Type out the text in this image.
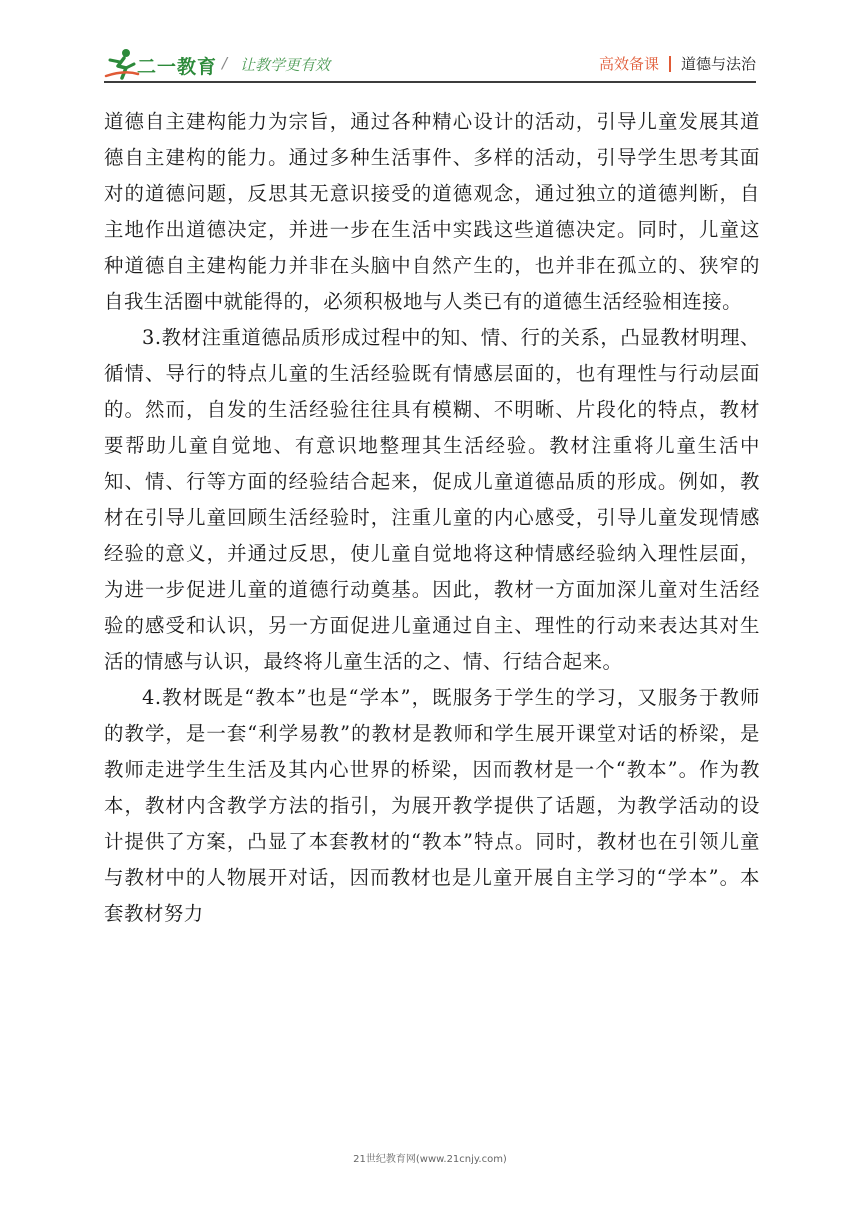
二一教育 / 让教学更有效	高效备课 道德与法治

道德自主建构能力为宗旨，通过各种精心设计的活动，引导儿童发展其道德自主建构的能力。通过多种生活事件、多样的活动，引导学生思考其面对的道德问题，反思其无意识接受的道德观念，通过独立的道德判断，自主地作出道德决定，并进一步在生活中实践这些道德决定。同时，儿童这种道德自主建构能力并非在头脑中自然产生的，也并非在孤立的、狭窄的自我生活圈中就能得的，必须积极地与人类已有的道德生活经验相连接。

3.教材注重道德品质形成过程中的知、情、行的关系，凸显教材明理、循情、导行的特点儿童的生活经验既有情感层面的，也有理性与行动层面的。然而，自发的生活经验往往具有模糊、不明晰、片段化的特点，教材要帮助儿童自觉地、有意识地整理其生活经验。教材注重将儿童生活中知、情、行等方面的经验结合起来，促成儿童道德品质的形成。例如，教材在引导儿童回顾生活经验时，注重儿童的内心感受，引导儿童发现情感经验的意义，并通过反思，使儿童自觉地将这种情感经验纳入理性层面，为进一步促进儿童的道德行动奠基。因此，教材一方面加深儿童对生活经验的感受和认识，另一方面促进儿童通过自主、理性的行动来表达其对生活的情感与认识，最终将儿童生活的之、情、行结合起来。

4.教材既是“教本”也是“学本”，既服务于学生的学习，又服务于教师的教学，是一套“利学易教”的教材是教师和学生展开课堂对话的桥梁，是教师走进学生生活及其内心世界的桥梁，因而教材是一个“教本”。作为教本，教材内含教学方法的指引，为展开教学提供了话题，为教学活动的设计提供了方案，凸显了本套教材的“教本”特点。同时，教材也在引领儿童与教材中的人物展开对话，因而教材也是儿童开展自主学习的“学本”。本套教材努力

21世纪教育网(www.21cnjy.com)
